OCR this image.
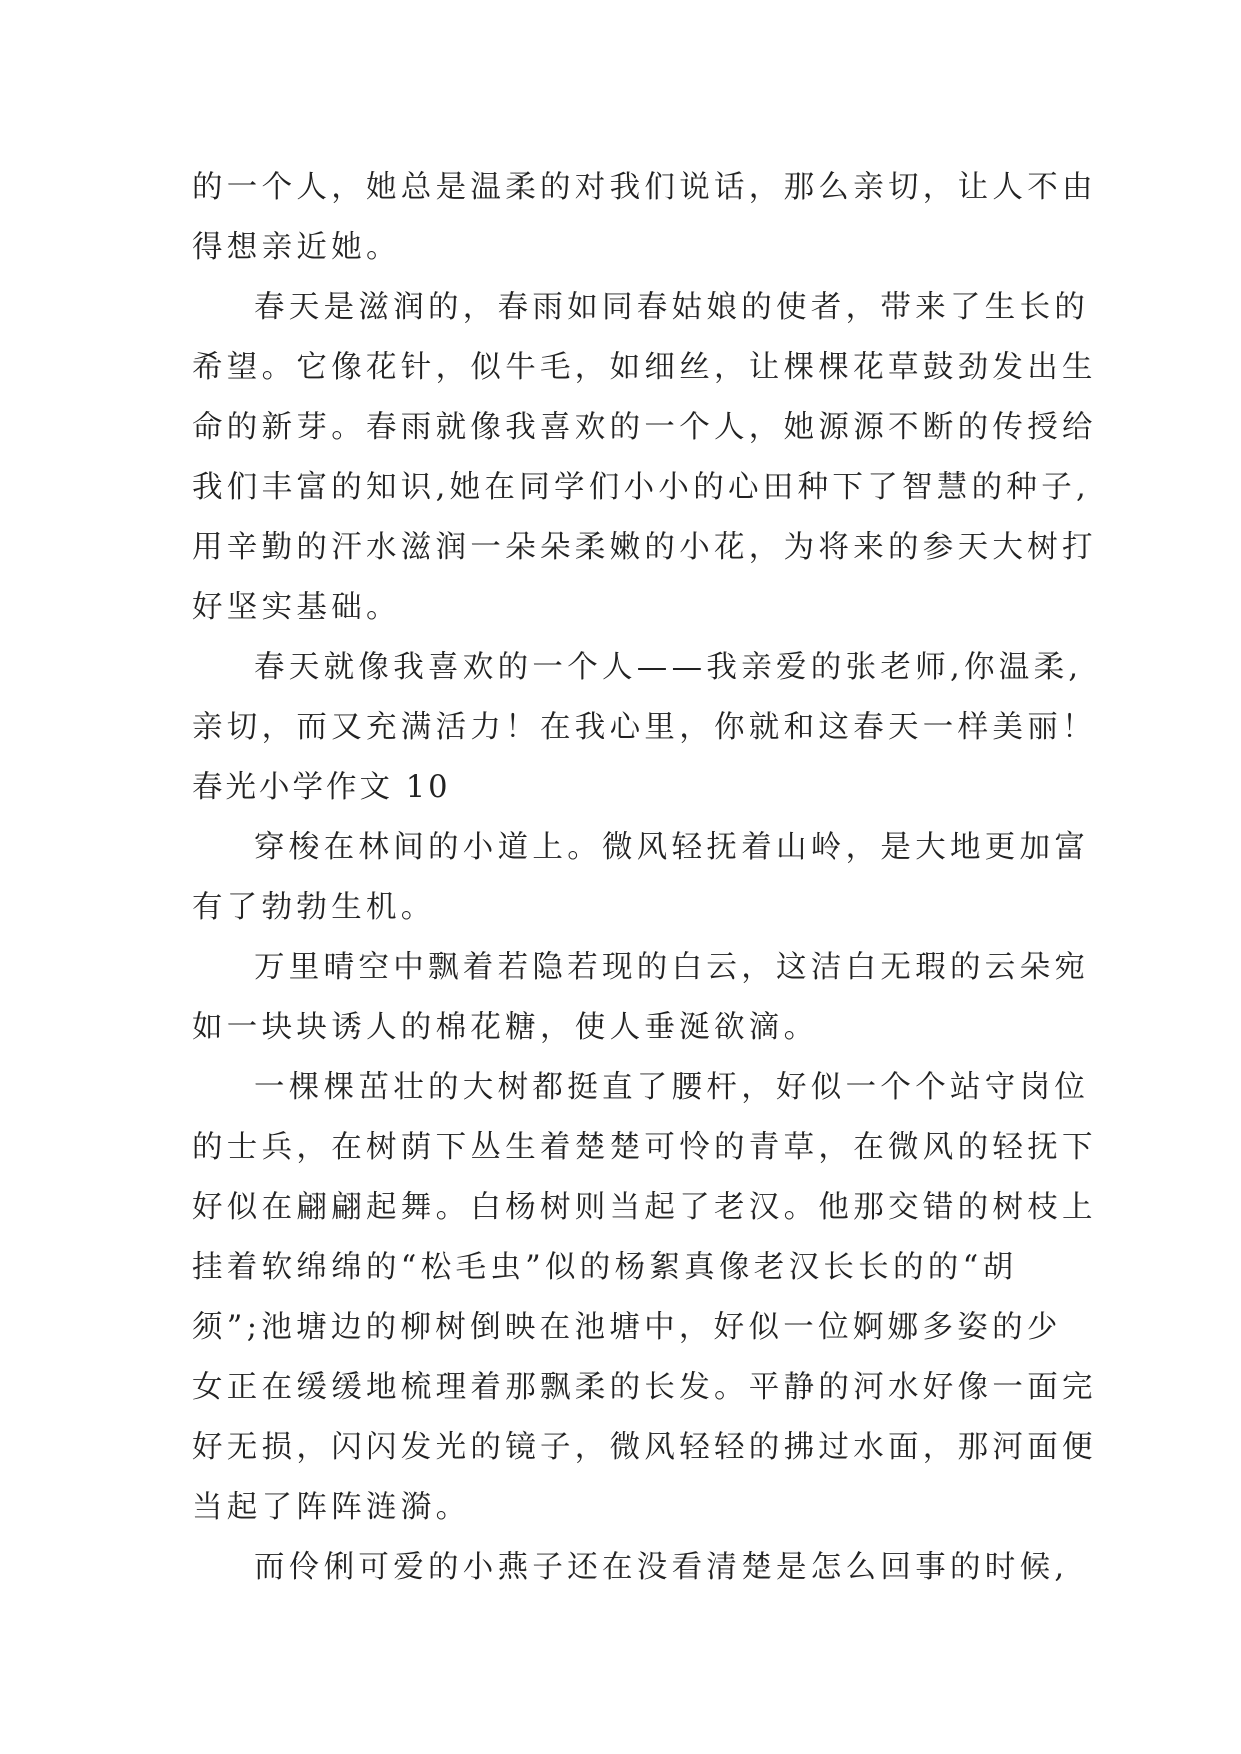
的一个人，她总是温柔的对我们说话，那么亲切，让人不由
得想亲近她。
春天是滋润的，春雨如同春姑娘的使者，带来了生长的
希望。它像花针，似牛毛，如细丝，让棵棵花草鼓劲发出生
命的新芽。春雨就像我喜欢的一个人，她源源不断的传授给
我们丰富的知识,她在同学们小小的心田种下了智慧的种子,
用辛勤的汗水滋润一朵朵柔嫩的小花，为将来的参天大树打
好坚实基础。
春天就像我喜欢的一个人——我亲爱的张老师,你温柔,
亲切，而又充满活力！在我心里，你就和这春天一样美丽！
春光小学作文 10
穿梭在林间的小道上。微风轻抚着山岭，是大地更加富
有了勃勃生机。
万里晴空中飘着若隐若现的白云，这洁白无瑕的云朵宛
如一块块诱人的棉花糖，使人垂涎欲滴。
一棵棵茁壮的大树都挺直了腰杆，好似一个个站守岗位
的士兵，在树荫下丛生着楚楚可怜的青草，在微风的轻抚下
好似在翩翩起舞。白杨树则当起了老汉。他那交错的树枝上
挂着软绵绵的“松毛虫”似的杨絮真像老汉长长的的“胡
须”;池塘边的柳树倒映在池塘中，好似一位婀娜多姿的少
女正在缓缓地梳理着那飘柔的长发。平静的河水好像一面完
好无损，闪闪发光的镜子，微风轻轻的拂过水面，那河面便
当起了阵阵涟漪。
而伶俐可爱的小燕子还在没看清楚是怎么回事的时候,
